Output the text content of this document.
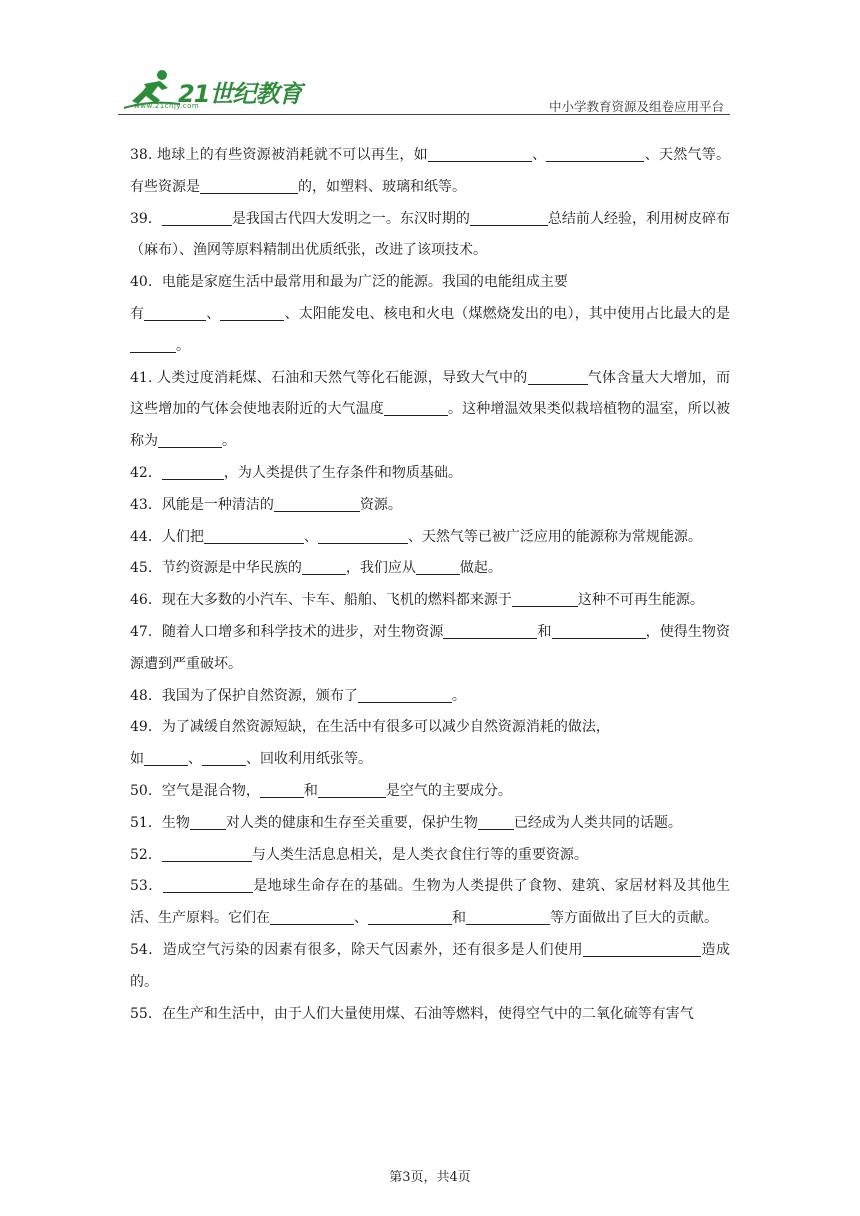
21世纪教育
www.21cnjy.com	中小学教育资源及组卷应用平台
38. 地球上的有些资源被消耗就不可以再生，如	、	、天然气等。有些资源是	的，如塑料、玻璃和纸等。
39．	是我国古代四大发明之一。东汉时期的	总结前人经验，利用树皮碎布（麻布）、渔网等原料精制出优质纸张，改进了该项技术。
40．电能是家庭生活中最常用和最为广泛的能源。我国的电能组成主要
有	、	、太阳能发电、核电和火电（煤燃烧发出的电），其中使用占比最大的是。
41. 人类过度消耗煤、石油和天然气等化石能源，导致大气中的	气体含量大大增加，而这些增加的气体会使地表附近的大气温度	。这种增温效果类似栽培植物的温室，所以被称为	。
42．	，为人类提供了生存条件和物质基础。
43．风能是一种清洁的	资源。
44．人们把	、	、天然气等已被广泛应用的能源称为常规能源。
45．节约资源是中华民族的	，我们应从	做起。
46．现在大多数的小汽车、卡车、船舶、飞机的燃料都来源于	这种不可再生能源。
47．随着人口增多和科学技术的进步，对生物资源	和	，使得生物资源遭到严重破坏。
48．我国为了保护自然资源，颁布了	。
49．为了减缓自然资源短缺，在生活中有很多可以减少自然资源消耗的做法，
如	、	、回收利用纸张等。
50．空气是混合物，	和	是空气的主要成分。
51．生物	对人类的健康和生存至关重要，保护生物	已经成为人类共同的话题。
52．	与人类生活息息相关，是人类衣食住行等的重要资源。
53．	是地球生命存在的基础。生物为人类提供了食物、建筑、家居材料及其他生活、生产原料。它们在	、	和	等方面做出了巨大的贡献。
54．造成空气污染的因素有很多，除天气因素外，还有很多是人们使用	造成的。
55．在生产和生活中，由于人们大量使用煤、石油等燃料，使得空气中的二氧化硫等有害气
第3页，共4页
